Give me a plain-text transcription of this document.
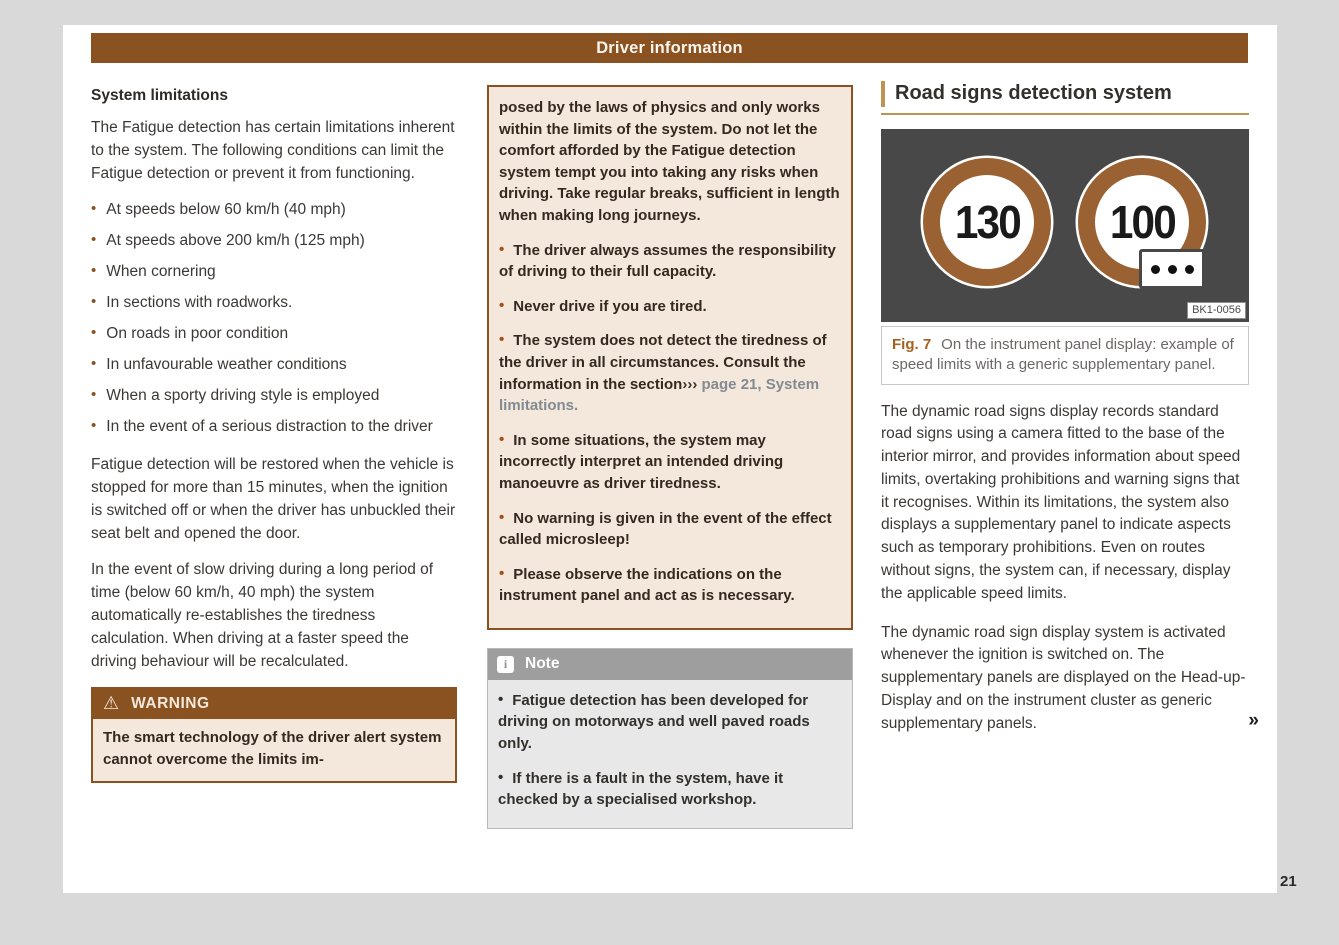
Driver information
System limitations

The Fatigue detection has certain limitations inherent to the system. The following conditions can limit the Fatigue detection or prevent it from functioning.

• At speeds below 60 km/h (40 mph)

• At speeds above 200 km/h (125 mph)

• When cornering

• In sections with roadworks.

• On roads in poor condition

• In unfavourable weather conditions

• When a sporty driving style is employed

• In the event of a serious distraction to the driver

Fatigue detection will be restored when the vehicle is stopped for more than 15 minutes, when the ignition is switched off or when the driver has unbuckled their seat belt and opened the door.

In the event of slow driving during a long period of time (below 60 km/h, 40 mph) the system automatically re-establishes the tiredness calculation. When driving at a faster speed the driving behaviour will be recalculated.

⚠
WARNING
The smart technology of the driver alert system cannot overcome the limits im-

posed by the laws of physics and only works within the limits of the system. Do not let the comfort afforded by the Fatigue detection system tempt you into taking any risks when driving. Take regular breaks, sufficient in length when making long journeys.

• The driver always assumes the responsibility of driving to their full capacity.

• Never drive if you are tired.

• The system does not detect the tiredness of the driver in all circumstances. Consult the information in the section››› page 21, System limitations.

• In some situations, the system may incorrectly interpret an intended driving manoeuvre as driver tiredness.

• No warning is given in the event of the effect called microsleep!

• Please observe the indications on the instrument panel and act as is necessary.

i
Note

• Fatigue detection has been developed for driving on motorways and well paved roads only.

• If there is a fault in the system, have it checked by a specialised workshop.

Road signs detection system
130 100
BK1-0056
Fig. 7 On the instrument panel display: example of speed limits with a generic supplementary panel.

The dynamic road signs display records standard road signs using a camera fitted to the base of the interior mirror, and provides information about speed limits, overtaking prohibitions and warning signs that it recognises. Within its limitations, the system also displays a supplementary panel to indicate aspects such as temporary prohibitions. Even on routes without signs, the system can, if necessary, display the applicable speed limits.

The dynamic road sign display system is activated whenever the ignition is switched on. The supplementary panels are displayed on the Head-up-Display and on the instrument cluster as generic supplementary panels.	»

21
